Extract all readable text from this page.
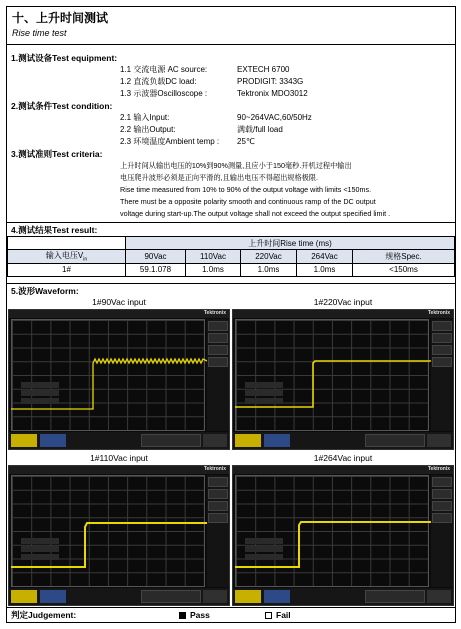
十、上升时间测试
Rise time test
1.测试设备Test equipment:
1.1 交流电源 AC source:	EXTECH 6700
1.2 直流负载DC load:	PRODIGIT: 3343G
1.3 示波器Oscilloscope :	Tektronix MDO3012
2.测试条件Test condition:
2.1 输入Input:	90~264VAC,60/50Hz
2.2 输出Output:	满载/full load
2.3 环境温度Ambient temp : 25℃
3.测试准则Test criteria:
上升时间从输出电压的10%到90%测量,且应小于150毫秒.开机过程中输出
电压爬升波形必须是正向平滑的,且输出电压不得超出规格极限.
Rise time measured from 10% to 90% of the output voltage with limits <150ms.
There must be a opposite polarity smooth and continuous ramp of the DC output
voltage during start-up.The output voltage shall not exceed the output specified limit .
4.测试结果Test result:
	上升时间Rise time (ms)				
输入电压$V_{in}$	90Vac	110Vac	220Vac	264Vac	规格Spec.
1#	59.1.078	1.0ms	1.0ms	1.0ms	<150ms
5.波形Waveform:
1#90Vac input	1#220Vac input
Tektronix	Tektronix
1#110Vac input	1#264Vac input
Tektronix	Tektronix
判定Judgement:	Pass	Fail
